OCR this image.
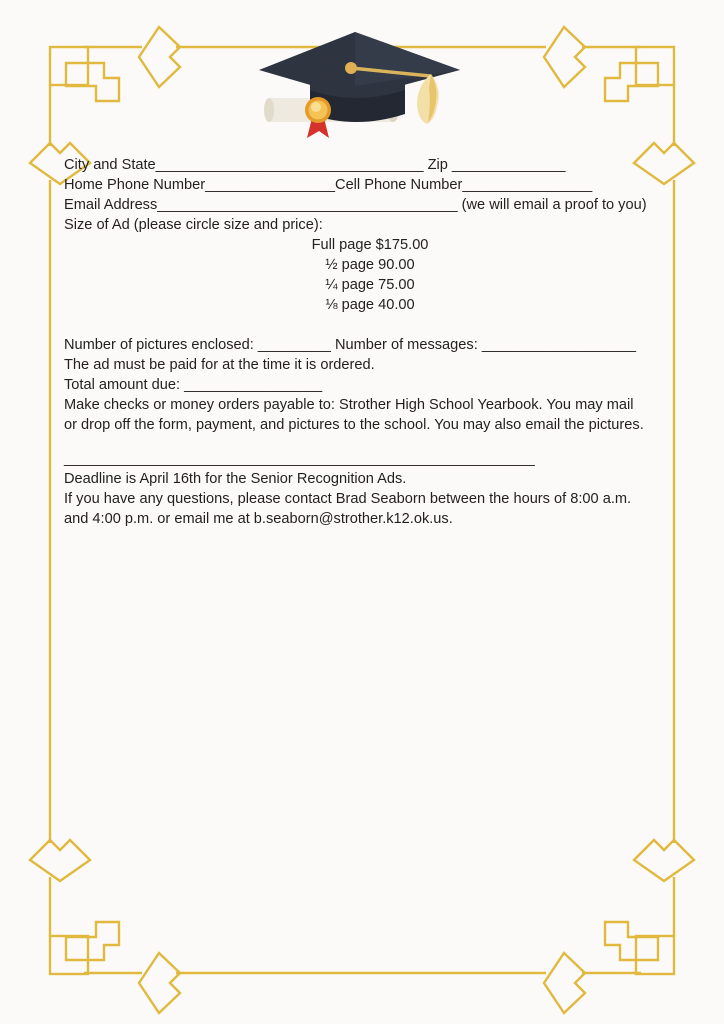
City and State_________________________________ Zip ______________

Home Phone Number________________Cell Phone Number________________

Email Address_____________________________________ (we will email a proof to you)

Size of Ad (please circle size and price):

Full page $175.00
½ page 90.00
¼ page 75.00
⅛ page 40.00

Number of pictures enclosed: _________ Number of messages: ___________________

The ad must be paid for at the time it is ordered.

Total amount due: _________________

Make checks or money orders payable to: Strother High School Yearbook. You may mail or drop off the form, payment, and pictures to the school. You may also email the pictures.

__________________________________________________________

Deadline is April 16th for the Senior Recognition Ads.

If you have any questions, please contact Brad Seaborn between the hours of 8:00 a.m. and 4:00 p.m. or email me at b.seaborn@strother.k12.ok.us.
